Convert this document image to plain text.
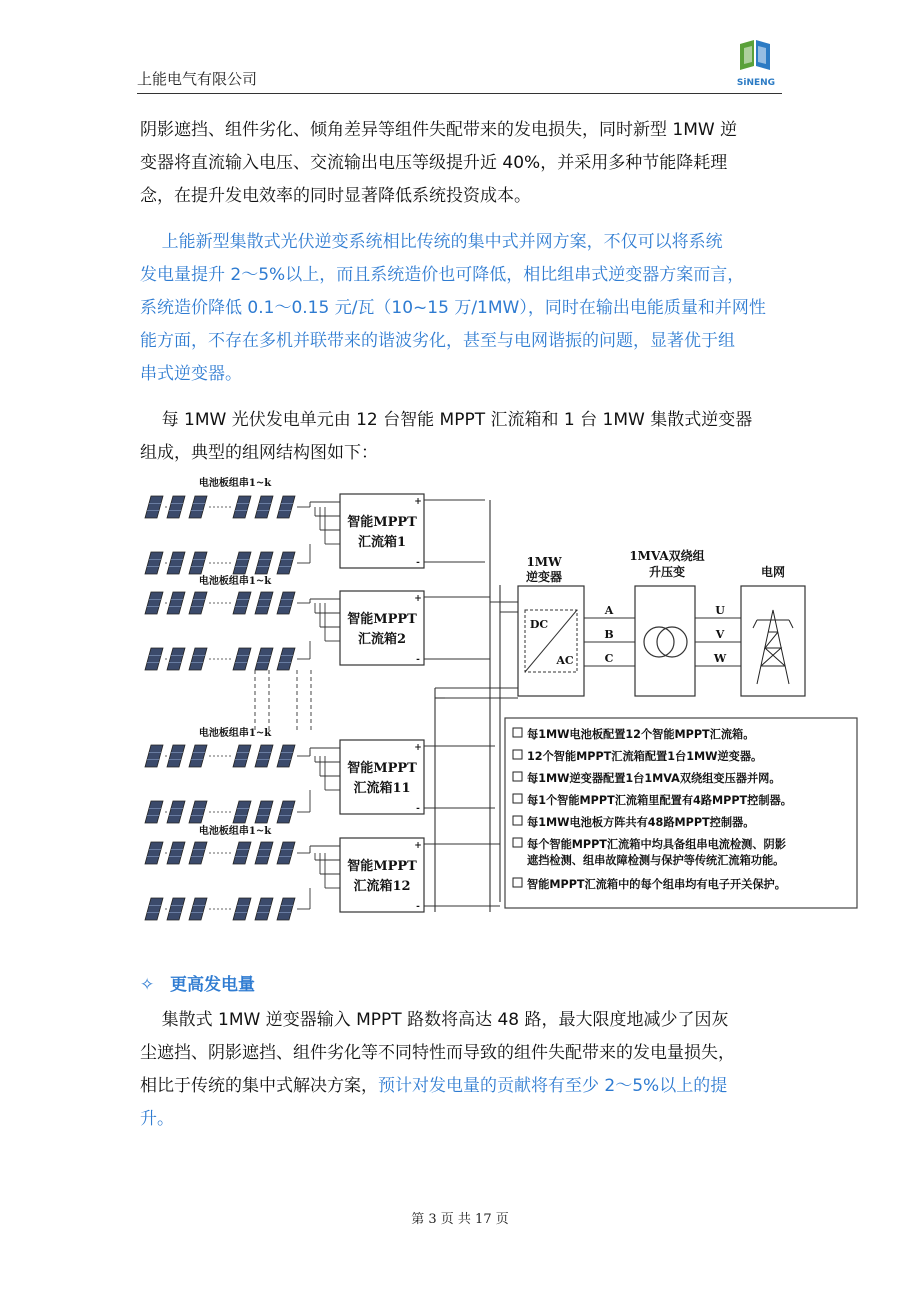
上能电气有限公司	SiNENG
阴影遮挡、组件劣化、倾角差异等组件失配带来的发电损失，同时新型 1MW 逆
变器将直流输入电压、交流输出电压等级提升近 40%，并采用多种节能降耗理
念，在提升发电效率的同时显著降低系统投资成本。
上能新型集散式光伏逆变系统相比传统的集中式并网方案，不仅可以将系统
发电量提升 2～5%以上，而且系统造价也可降低，相比组串式逆变器方案而言，
系统造价降低 0.1～0.15 元/瓦（10~15 万/1MW），同时在输出电能质量和并网性
能方面，不存在多机并联带来的谐波劣化，甚至与电网谐振的问题，显著优于组
串式逆变器。
每 1MW 光伏发电单元由 12 台智能 MPPT 汇流箱和 1 台 1MW 集散式逆变器
组成，典型的组网结构图如下：
电池板组串1~k
智能MPPT
汇流箱1
+
-
电池板组串1~k
智能MPPT
汇流箱2
+
-
电池板组串1~k
智能MPPT
汇流箱11
+
-
电池板组串1~k
智能MPPT
汇流箱12
+
-
1MW
逆变器
DC
AC
A	U
B	V
C	W
1MVA双绕组
升压变	电网
每1MW电池板配置12个智能MPPT汇流箱。
12个智能MPPT汇流箱配置1台1MW逆变器。
每1MW逆变器配置1台1MVA双绕组变压器并网。
每1个智能MPPT汇流箱里配置有4路MPPT控制器。
每1MW电池板方阵共有48路MPPT控制器。
每个智能MPPT汇流箱中均具备组串电流检测、阴影
遮挡检测、组串故障检测与保护等传统汇流箱功能。
智能MPPT汇流箱中的每个组串均有电子开关保护。
✧ 更高发电量
集散式 1MW 逆变器输入 MPPT 路数将高达 48 路，最大限度地减少了因灰
尘遮挡、阴影遮挡、组件劣化等不同特性而导致的组件失配带来的发电量损失，
相比于传统的集中式解决方案，预计对发电量的贡献将有至少 2～5%以上的提
升。
第 3 页 共 17 页
